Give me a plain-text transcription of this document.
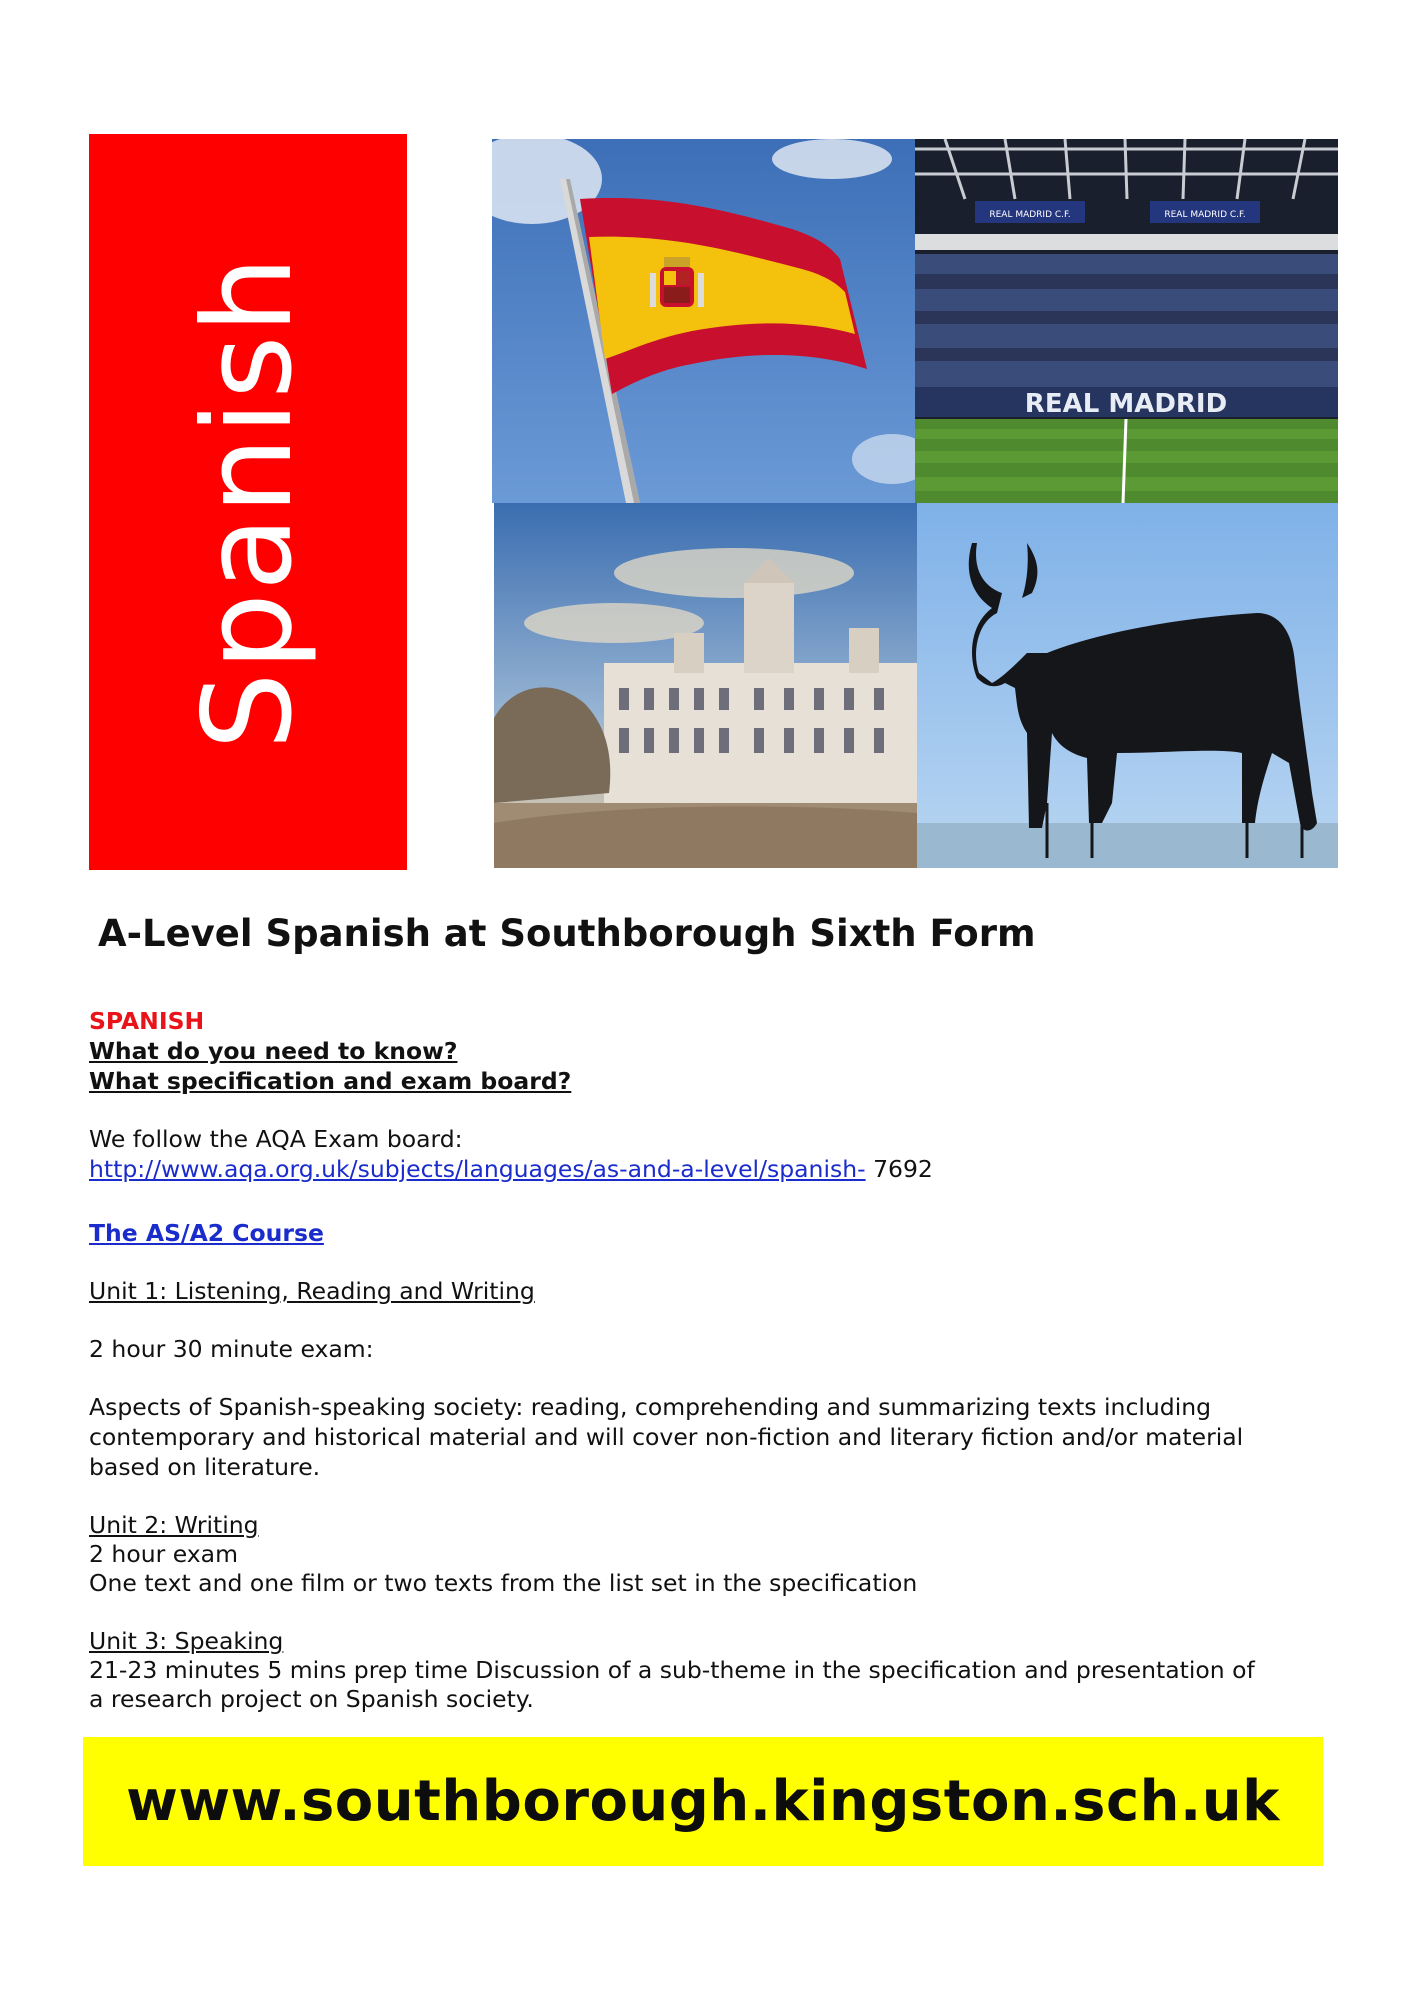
Spanish
REAL MADRID C.F.	REAL MADRID C.F.
REAL MADRID
A-Level Spanish at Southborough Sixth Form
SPANISH
What do you need to know?
What specification and exam board?
We follow the AQA Exam board:
http://www.aqa.org.uk/subjects/languages/as-and-a-level/spanish- 7692
The AS/A2 Course
Unit 1: Listening, Reading and Writing
2 hour 30 minute exam:
Aspects of Spanish-speaking society: reading, comprehending and summarizing texts including
contemporary and historical material and will cover non-fiction and literary fiction and/or material
based on literature.
Unit 2: Writing
2 hour exam
One text and one film or two texts from the list set in the specification
Unit 3: Speaking
21-23 minutes 5 mins prep time Discussion of a sub-theme in the specification and presentation of
a research project on Spanish society.
www.southborough.kingston.sch.uk
